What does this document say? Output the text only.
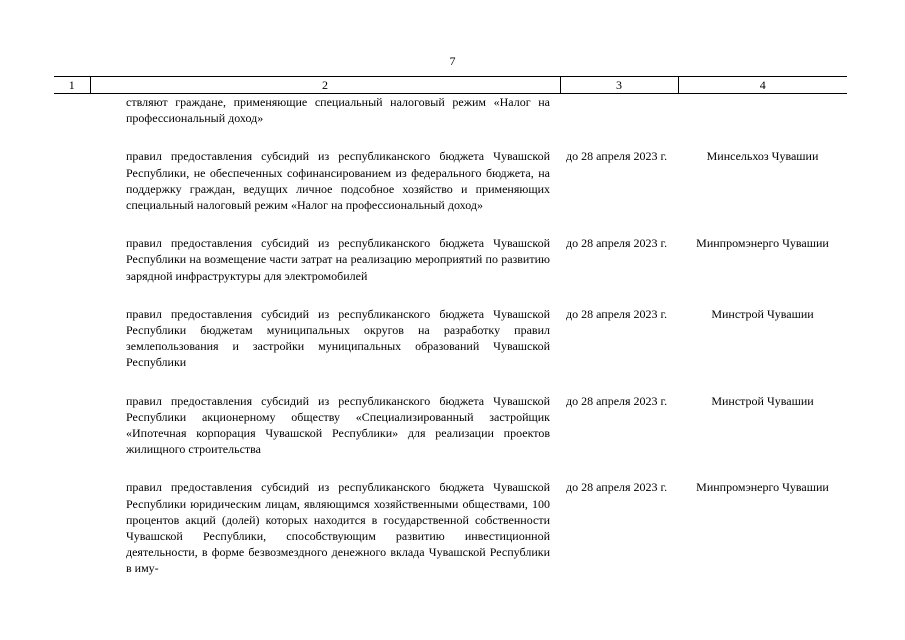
7
1	2	3	4
	ствляют граждане, применяющие специальный налоговый режим «Налог на профессиональный доход»		
	правил предоставления субсидий из республиканского бюджета Чувашской Республики, не обеспеченных софинансированием из федерального бюджета, на поддержку граждан, ведущих личное подсобное хозяйство и применяющих специальный налоговый режим «Налог на профессиональный доход»	до 28 апреля 2023 г.	Минсельхоз Чувашии
	правил предоставления субсидий из республиканского бюджета Чувашской Республики на возмещение части затрат на реализацию мероприятий по развитию зарядной инфраструктуры для электромобилей	до 28 апреля 2023 г.	Минпромэнерго Чувашии
	правил предоставления субсидий из республиканского бюджета Чувашской Республики бюджетам муниципальных округов на разработку правил землепользования и застройки муниципальных образований Чувашской Республики	до 28 апреля 2023 г.	Минстрой Чувашии
	правил предоставления субсидий из республиканского бюджета Чувашской Республики акционерному обществу «Специализированный застройщик «Ипотечная корпорация Чувашской Республики» для реализации проектов жилищного строительства	до 28 апреля 2023 г.	Минстрой Чувашии
	правил предоставления субсидий из республиканского бюджета Чувашской Республики юридическим лицам, являющимся хозяйственными обществами, 100 процентов акций (долей) которых находится в государственной собственности Чувашской Республики, способствующим развитию инвестиционной деятельности, в форме безвозмездного денежного вклада Чувашской Республики в иму-	до 28 апреля 2023 г.	Минпромэнерго Чувашии
